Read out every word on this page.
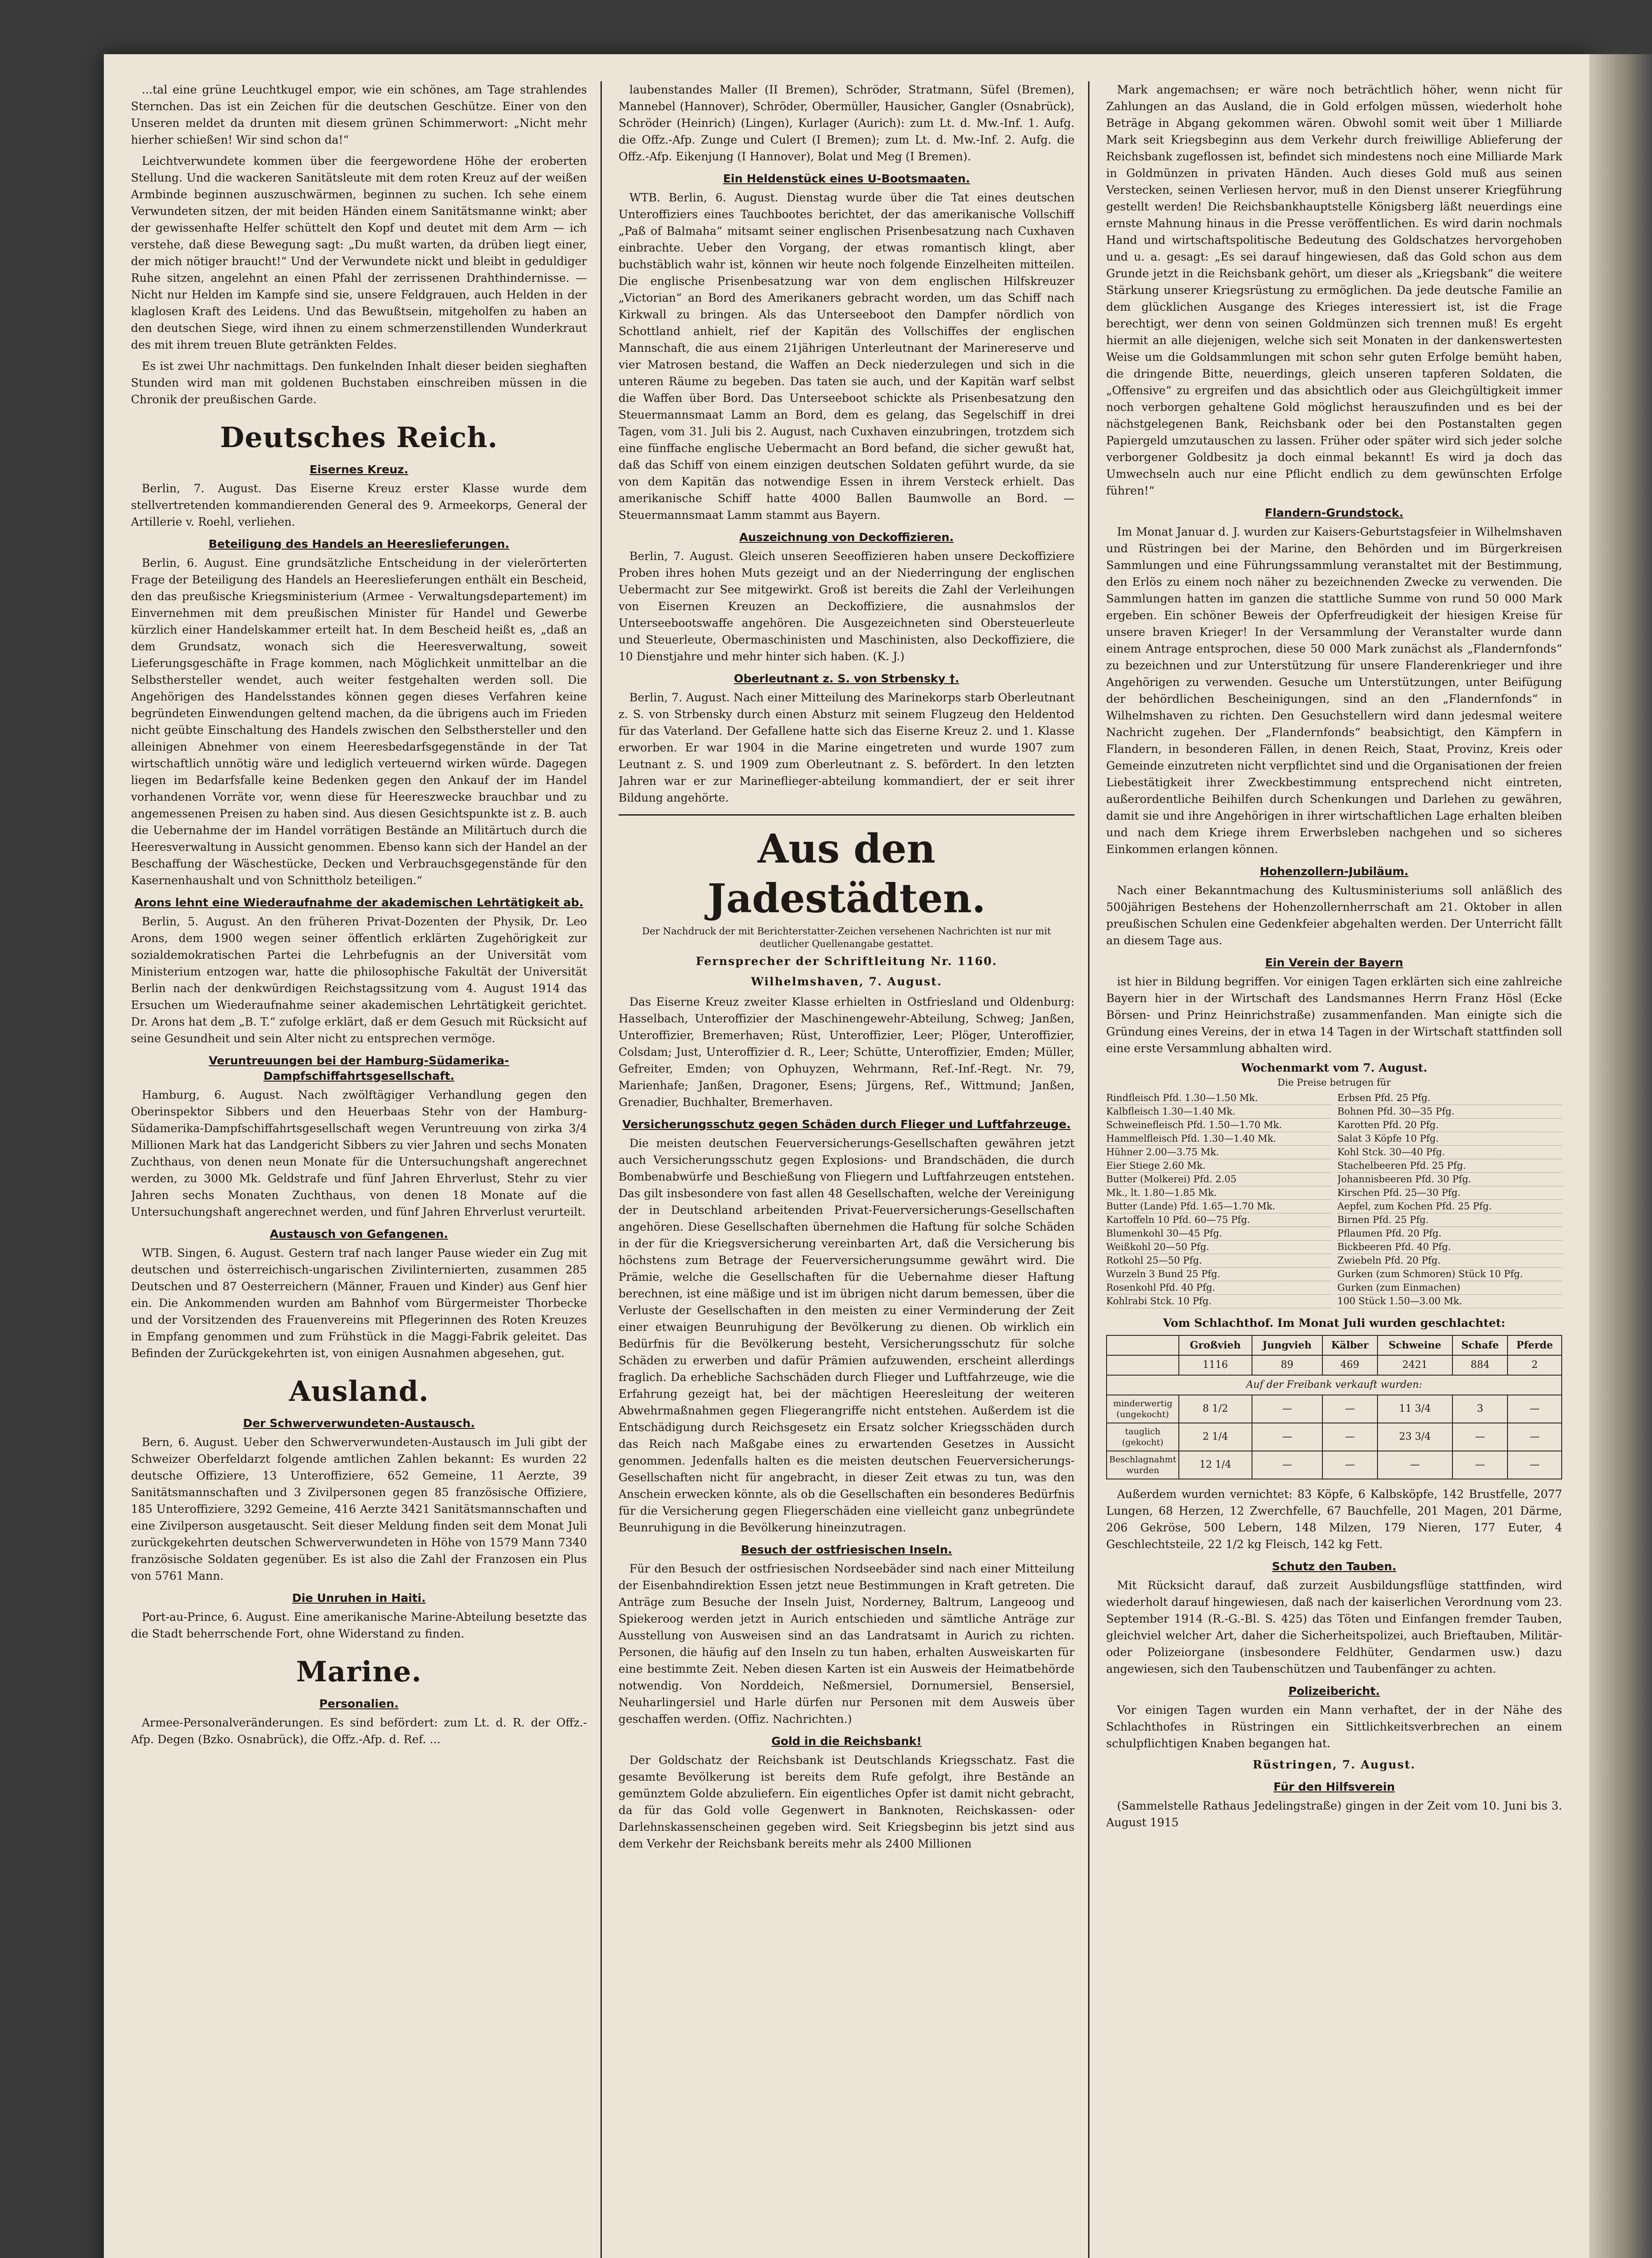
...tal eine grüne Leuchtkugel empor, wie ein schönes, am Tage strahlendes Sternchen. Das ist ein Zeichen für die deutschen Geschütze. Einer von den Unseren meldet da drunten mit diesem grünen Schimmerwort: „Nicht mehr hierher schießen! Wir sind schon da!“

Leichtverwundete kommen über die feergewordene Höhe der eroberten Stellung. Und die wackeren Sanitätsleute mit dem roten Kreuz auf der weißen Armbinde beginnen auszuschwärmen, beginnen zu suchen. Ich sehe einem Verwundeten sitzen, der mit beiden Händen einem Sanitätsmanne winkt; aber der gewissenhafte Helfer schüttelt den Kopf und deutet mit dem Arm — ich verstehe, daß diese Bewegung sagt: „Du mußt warten, da drüben liegt einer, der mich nötiger braucht!“ Und der Verwundete nickt und bleibt in geduldiger Ruhe sitzen, angelehnt an einen Pfahl der zerrissenen Drahthindernisse. — Nicht nur Helden im Kampfe sind sie, unsere Feldgrauen, auch Helden in der klaglosen Kraft des Leidens. Und das Bewußtsein, mitgeholfen zu haben an den deutschen Siege, wird ihnen zu einem schmerzenstillenden Wunderkraut des mit ihrem treuen Blute getränkten Feldes.

Es ist zwei Uhr nachmittags. Den funkelnden Inhalt dieser beiden sieghaften Stunden wird man mit goldenen Buchstaben einschreiben müssen in die Chronik der preußischen Garde.

Deutsches Reich.
Eisernes Kreuz.

Berlin, 7. August. Das Eiserne Kreuz erster Klasse wurde dem stellvertretenden kommandierenden General des 9. Armeekorps, General der Artillerie v. Roehl, verliehen.

Beteiligung des Handels an Heereslieferungen.

Berlin, 6. August. Eine grundsätzliche Entscheidung in der vielerörterten Frage der Beteiligung des Handels an Heereslieferungen enthält ein Bescheid, den das preußische Kriegsministerium (Armee - Verwaltungsdepartement) im Einvernehmen mit dem preußischen Minister für Handel und Gewerbe kürzlich einer Handelskammer erteilt hat. In dem Bescheid heißt es, „daß an dem Grundsatz, wonach sich die Heeresverwaltung, soweit Lieferungsgeschäfte in Frage kommen, nach Möglichkeit unmittelbar an die Selbsthersteller wendet, auch weiter festgehalten werden soll. Die Angehörigen des Handelsstandes können gegen dieses Verfahren keine begründeten Einwendungen geltend machen, da die übrigens auch im Frieden nicht geübte Einschaltung des Handels zwischen den Selbsthersteller und den alleinigen Abnehmer von einem Heeresbedarfsgegenstände in der Tat wirtschaftlich unnötig wäre und lediglich verteuernd wirken würde. Dagegen liegen im Bedarfsfalle keine Bedenken gegen den Ankauf der im Handel vorhandenen Vorräte vor, wenn diese für Heereszwecke brauchbar und zu angemessenen Preisen zu haben sind. Aus diesen Gesichtspunkte ist z. B. auch die Uebernahme der im Handel vorrätigen Bestände an Militärtuch durch die Heeresverwaltung in Aussicht genommen. Ebenso kann sich der Handel an der Beschaffung der Wäschestücke, Decken und Verbrauchsgegenstände für den Kasernenhaushalt und von Schnittholz beteiligen.“

Arons lehnt eine Wiederaufnahme der akademischen Lehrtätigkeit ab.

Berlin, 5. August. An den früheren Privat-Dozenten der Physik, Dr. Leo Arons, dem 1900 wegen seiner öffentlich erklärten Zugehörigkeit zur sozialdemokratischen Partei die Lehrbefugnis an der Universität vom Ministerium entzogen war, hatte die philosophische Fakultät der Universität Berlin nach der denkwürdigen Reichstagssitzung vom 4. August 1914 das Ersuchen um Wiederaufnahme seiner akademischen Lehrtätigkeit gerichtet. Dr. Arons hat dem „B. T.“ zufolge erklärt, daß er dem Gesuch mit Rücksicht auf seine Gesundheit und sein Alter nicht zu entsprechen vermöge.

Veruntreuungen bei der Hamburg-Südamerika-Dampfschiffahrtsgesellschaft.

Hamburg, 6. August. Nach zwölftägiger Verhandlung gegen den Oberinspektor Sibbers und den Heuerbaas Stehr von der Hamburg-Südamerika-Dampfschiffahrtsgesellschaft wegen Veruntreuung von zirka 3/4 Millionen Mark hat das Landgericht Sibbers zu vier Jahren und sechs Monaten Zuchthaus, von denen neun Monate für die Untersuchungshaft angerechnet werden, zu 3000 Mk. Geldstrafe und fünf Jahren Ehrverlust, Stehr zu vier Jahren sechs Monaten Zuchthaus, von denen 18 Monate auf die Untersuchungshaft angerechnet werden, und fünf Jahren Ehrverlust verurteilt.

Austausch von Gefangenen.

WTB. Singen, 6. August. Gestern traf nach langer Pause wieder ein Zug mit deutschen und österreichisch-ungarischen Zivilinternierten, zusammen 285 Deutschen und 87 Oesterreichern (Männer, Frauen und Kinder) aus Genf hier ein. Die Ankommenden wurden am Bahnhof vom Bürgermeister Thorbecke und der Vorsitzenden des Frauenvereins mit Pflegerinnen des Roten Kreuzes in Empfang genommen und zum Frühstück in die Maggi-Fabrik geleitet. Das Befinden der Zurückgekehrten ist, von einigen Ausnahmen abgesehen, gut.

Ausland.
Der Schwerverwundeten-Austausch.

Bern, 6. August. Ueber den Schwerverwundeten-Austausch im Juli gibt der Schweizer Oberfeldarzt folgende amtlichen Zahlen bekannt: Es wurden 22 deutsche Offiziere, 13 Unteroffiziere, 652 Gemeine, 11 Aerzte, 39 Sanitätsmannschaften und 3 Zivilpersonen gegen 85 französische Offiziere, 185 Unteroffiziere, 3292 Gemeine, 416 Aerzte 3421 Sanitätsmannschaften und eine Zivilperson ausgetauscht. Seit dieser Meldung finden seit dem Monat Juli zurückgekehrten deutschen Schwerverwundeten in Höhe von 1579 Mann 7340 französische Soldaten gegenüber. Es ist also die Zahl der Franzosen ein Plus von 5761 Mann.

Die Unruhen in Haiti.

Port-au-Prince, 6. August. Eine amerikanische Marine-Abteilung besetzte das die Stadt beherrschende Fort, ohne Widerstand zu finden.

Marine.
Personalien.

Armee-Personalveränderungen. Es sind befördert: zum Lt. d. R. der Offz.-Afp. Degen (Bzko. Osnabrück), die Offz.-Afp. d. Ref. ...

laubenstandes Maller (II Bremen), Schröder, Stratmann, Süfel (Bremen), Mannebel (Hannover), Schröder, Obermüller, Hausicher, Gangler (Osnabrück), Schröder (Heinrich) (Lingen), Kurlager (Aurich): zum Lt. d. Mw.-Inf. 1. Aufg. die Offz.-Afp. Zunge und Culert (I Bremen); zum Lt. d. Mw.-Inf. 2. Aufg. die Offz.-Afp. Eikenjung (I Hannover), Bolat und Meg (I Bremen).

Ein Heldenstück eines U-Bootsmaaten.

WTB. Berlin, 6. August. Dienstag wurde über die Tat eines deutschen Unteroffiziers eines Tauchbootes berichtet, der das amerikanische Vollschiff „Paß of Balmaha“ mitsamt seiner englischen Prisenbesatzung nach Cuxhaven einbrachte. Ueber den Vorgang, der etwas romantisch klingt, aber buchstäblich wahr ist, können wir heute noch folgende Einzelheiten mitteilen. Die englische Prisenbesatzung war von dem englischen Hilfskreuzer „Victorian“ an Bord des Amerikaners gebracht worden, um das Schiff nach Kirkwall zu bringen. Als das Unterseeboot den Dampfer nördlich von Schottland anhielt, rief der Kapitän des Vollschiffes der englischen Mannschaft, die aus einem 21jährigen Unterleutnant der Marinereserve und vier Matrosen bestand, die Waffen an Deck niederzulegen und sich in die unteren Räume zu begeben. Das taten sie auch, und der Kapitän warf selbst die Waffen über Bord. Das Unterseeboot schickte als Prisenbesatzung den Steuermannsmaat Lamm an Bord, dem es gelang, das Segelschiff in drei Tagen, vom 31. Juli bis 2. August, nach Cuxhaven einzubringen, trotzdem sich eine fünffache englische Uebermacht an Bord befand, die sicher gewußt hat, daß das Schiff von einem einzigen deutschen Soldaten geführt wurde, da sie von dem Kapitän das notwendige Essen in ihrem Versteck erhielt. Das amerikanische Schiff hatte 4000 Ballen Baumwolle an Bord. — Steuermannsmaat Lamm stammt aus Bayern.

Auszeichnung von Deckoffizieren.

Berlin, 7. August. Gleich unseren Seeoffizieren haben unsere Deckoffiziere Proben ihres hohen Muts gezeigt und an der Niederringung der englischen Uebermacht zur See mitgewirkt. Groß ist bereits die Zahl der Verleihungen von Eisernen Kreuzen an Deckoffiziere, die ausnahmslos der Unterseebootswaffe angehören. Die Ausgezeichneten sind Obersteuerleute und Steuerleute, Obermaschinisten und Maschinisten, also Deckoffiziere, die 10 Dienstjahre und mehr hinter sich haben. (K. J.)

Oberleutnant z. S. von Strbensky †.

Berlin, 7. August. Nach einer Mitteilung des Marinekorps starb Oberleutnant z. S. von Strbensky durch einen Absturz mit seinem Flugzeug den Heldentod für das Vaterland. Der Gefallene hatte sich das Eiserne Kreuz 2. und 1. Klasse erworben. Er war 1904 in die Marine eingetreten und wurde 1907 zum Leutnant z. S. und 1909 zum Oberleutnant z. S. befördert. In den letzten Jahren war er zur Marineflieger-abteilung kommandiert, der er seit ihrer Bildung angehörte.

Aus den Jadestädten.
Der Nachdruck der mit Berichterstatter-Zeichen versehenen Nachrichten ist nur mit deutlicher Quellenangabe gestattet.
Fernsprecher der Schriftleitung Nr. 1160.
Wilhelmshaven, 7. August.

Das Eiserne Kreuz zweiter Klasse erhielten in Ostfriesland und Oldenburg: Hasselbach, Unteroffizier der Maschinengewehr-Abteilung, Schweg; Janßen, Unteroffizier, Bremerhaven; Rüst, Unteroffizier, Leer; Plöger, Unteroffizier, Colsdam; Just, Unteroffizier d. R., Leer; Schütte, Unteroffizier, Emden; Müller, Gefreiter, Emden; von Ophuyzen, Wehrmann, Ref.-Inf.-Regt. Nr. 79, Marienhafe; Janßen, Dragoner, Esens; Jürgens, Ref., Wittmund; Janßen, Grenadier, Buchhalter, Bremerhaven.

Versicherungsschutz gegen Schäden durch Flieger und Luftfahrzeuge.

Die meisten deutschen Feuerversicherungs-Gesellschaften gewähren jetzt auch Versicherungsschutz gegen Explosions- und Brandschäden, die durch Bombenabwürfe und Beschießung von Fliegern und Luftfahrzeugen entstehen. Das gilt insbesondere von fast allen 48 Gesellschaften, welche der Vereinigung der in Deutschland arbeitenden Privat-Feuerversicherungs-Gesellschaften angehören. Diese Gesellschaften übernehmen die Haftung für solche Schäden in der für die Kriegsversicherung vereinbarten Art, daß die Versicherung bis höchstens zum Betrage der Feuerversicherungsumme gewährt wird. Die Prämie, welche die Gesellschaften für die Uebernahme dieser Haftung berechnen, ist eine mäßige und ist im übrigen nicht darum bemessen, über die Verluste der Gesellschaften in den meisten zu einer Verminderung der Zeit einer etwaigen Beunruhigung der Bevölkerung zu dienen. Ob wirklich ein Bedürfnis für die Bevölkerung besteht, Versicherungsschutz für solche Schäden zu erwerben und dafür Prämien aufzuwenden, erscheint allerdings fraglich. Da erhebliche Sachschäden durch Flieger und Luftfahrzeuge, wie die Erfahrung gezeigt hat, bei der mächtigen Heeresleitung der weiteren Abwehrmaßnahmen gegen Fliegerangriffe nicht entstehen. Außerdem ist die Entschädigung durch Reichsgesetz ein Ersatz solcher Kriegsschäden durch das Reich nach Maßgabe eines zu erwartenden Gesetzes in Aussicht genommen. Jedenfalls halten es die meisten deutschen Feuerversicherungs-Gesellschaften nicht für angebracht, in dieser Zeit etwas zu tun, was den Anschein erwecken könnte, als ob die Gesellschaften ein besonderes Bedürfnis für die Versicherung gegen Fliegerschäden eine vielleicht ganz unbegründete Beunruhigung in die Bevölkerung hineinzutragen.

Besuch der ostfriesischen Inseln.

Für den Besuch der ostfriesischen Nordseebäder sind nach einer Mitteilung der Eisenbahndirektion Essen jetzt neue Bestimmungen in Kraft getreten. Die Anträge zum Besuche der Inseln Juist, Norderney, Baltrum, Langeoog und Spiekeroog werden jetzt in Aurich entschieden und sämtliche Anträge zur Ausstellung von Ausweisen sind an das Landratsamt in Aurich zu richten. Personen, die häufig auf den Inseln zu tun haben, erhalten Ausweiskarten für eine bestimmte Zeit. Neben diesen Karten ist ein Ausweis der Heimatbehörde notwendig. Von Norddeich, Neßmersiel, Dornumersiel, Bensersiel, Neuharlingersiel und Harle dürfen nur Personen mit dem Ausweis über geschaffen werden. (Offiz. Nachrichten.)

Gold in die Reichsbank!

Der Goldschatz der Reichsbank ist Deutschlands Kriegsschatz. Fast die gesamte Bevölkerung ist bereits dem Rufe gefolgt, ihre Bestände an gemünztem Golde abzuliefern. Ein eigentliches Opfer ist damit nicht gebracht, da für das Gold volle Gegenwert in Banknoten, Reichskassen- oder Darlehnskassenscheinen gegeben wird. Seit Kriegsbeginn bis jetzt sind aus dem Verkehr der Reichsbank bereits mehr als 2400 Millionen

Mark angemachsen; er wäre noch beträchtlich höher, wenn nicht für Zahlungen an das Ausland, die in Gold erfolgen müssen, wiederholt hohe Beträge in Abgang gekommen wären. Obwohl somit weit über 1 Milliarde Mark seit Kriegsbeginn aus dem Verkehr durch freiwillige Ablieferung der Reichsbank zugeflossen ist, befindet sich mindestens noch eine Milliarde Mark in Goldmünzen in privaten Händen. Auch dieses Gold muß aus seinen Verstecken, seinen Verliesen hervor, muß in den Dienst unserer Kriegführung gestellt werden! Die Reichsbankhauptstelle Königsberg läßt neuerdings eine ernste Mahnung hinaus in die Presse veröffentlichen. Es wird darin nochmals Hand und wirtschaftspolitische Bedeutung des Goldschatzes hervorgehoben und u. a. gesagt: „Es sei darauf hingewiesen, daß das Gold schon aus dem Grunde jetzt in die Reichsbank gehört, um dieser als „Kriegsbank“ die weitere Stärkung unserer Kriegsrüstung zu ermöglichen. Da jede deutsche Familie an dem glücklichen Ausgange des Krieges interessiert ist, ist die Frage berechtigt, wer denn von seinen Goldmünzen sich trennen muß! Es ergeht hiermit an alle diejenigen, welche sich seit Monaten in der dankenswertesten Weise um die Goldsammlungen mit schon sehr guten Erfolge bemüht haben, die dringende Bitte, neuerdings, gleich unseren tapferen Soldaten, die „Offensive“ zu ergreifen und das absichtlich oder aus Gleichgültigkeit immer noch verborgen gehaltene Gold möglichst herauszufinden und es bei der nächstgelegenen Bank, Reichsbank oder bei den Postanstalten gegen Papiergeld umzutauschen zu lassen. Früher oder später wird sich jeder solche verborgener Goldbesitz ja doch einmal bekannt! Es wird ja doch das Umwechseln auch nur eine Pflicht endlich zu dem gewünschten Erfolge führen!“

Flandern-Grundstock.

Im Monat Januar d. J. wurden zur Kaisers-Geburtstagsfeier in Wilhelmshaven und Rüstringen bei der Marine, den Behörden und im Bürgerkreisen Sammlungen und eine Führungssammlung veranstaltet mit der Bestimmung, den Erlös zu einem noch näher zu bezeichnenden Zwecke zu verwenden. Die Sammlungen hatten im ganzen die stattliche Summe von rund 50 000 Mark ergeben. Ein schöner Beweis der Opferfreudigkeit der hiesigen Kreise für unsere braven Krieger! In der Versammlung der Veranstalter wurde dann einem Antrage entsprochen, diese 50 000 Mark zunächst als „Flandernfonds“ zu bezeichnen und zur Unterstützung für unsere Flanderenkrieger und ihre Angehörigen zu verwenden. Gesuche um Unterstützungen, unter Beifügung der behördlichen Bescheinigungen, sind an den „Flandernfonds“ in Wilhelmshaven zu richten. Den Gesuchstellern wird dann jedesmal weitere Nachricht zugehen. Der „Flandernfonds“ beabsichtigt, den Kämpfern in Flandern, in besonderen Fällen, in denen Reich, Staat, Provinz, Kreis oder Gemeinde einzutreten nicht verpflichtet sind und die Organisationen der freien Liebestätigkeit ihrer Zweckbestimmung entsprechend nicht eintreten, außerordentliche Beihilfen durch Schenkungen und Darlehen zu gewähren, damit sie und ihre Angehörigen in ihrer wirtschaftlichen Lage erhalten bleiben und nach dem Kriege ihrem Erwerbsleben nachgehen und so sicheres Einkommen erlangen können.

Hohenzollern-Jubiläum.

Nach einer Bekanntmachung des Kultusministeriums soll anläßlich des 500jährigen Bestehens der Hohenzollernherrschaft am 21. Oktober in allen preußischen Schulen eine Gedenkfeier abgehalten werden. Der Unterricht fällt an diesem Tage aus.

Ein Verein der Bayern

ist hier in Bildung begriffen. Vor einigen Tagen erklärten sich eine zahlreiche Bayern hier in der Wirtschaft des Landsmannes Herrn Franz Hösl (Ecke Börsen- und Prinz Heinrichstraße) zusammenfanden. Man einigte sich die Gründung eines Vereins, der in etwa 14 Tagen in der Wirtschaft stattfinden soll eine erste Versammlung abhalten wird.

Wochenmarkt vom 7. August.
Die Preise betrugen für
Rindfleisch Pfd. 1.30—1.50 Mk.	Erbsen Pfd. 25 Pfg.
Kalbfleisch 1.30—1.40 Mk.	Bohnen Pfd. 30—35 Pfg.
Schweinefleisch Pfd. 1.50—1.70 Mk.	Karotten Pfd. 20 Pfg.
Hammelfleisch Pfd. 1.30—1.40 Mk.	Salat 3 Köpfe 10 Pfg.
Hühner 2.00—3.75 Mk.	Kohl Stck. 30—40 Pfg.
Eier Stiege 2.60 Mk.	Stachelbeeren Pfd. 25 Pfg.
Butter (Molkerei) Pfd. 2.05	Johannisbeeren Pfd. 30 Pfg.
Mk., lt. 1.80—1.85 Mk.	Kirschen Pfd. 25—30 Pfg.
Butter (Lande) Pfd. 1.65—1.70 Mk.	Aepfel, zum Kochen Pfd. 25 Pfg.
Kartoffeln 10 Pfd. 60—75 Pfg.	Birnen Pfd. 25 Pfg.
Blumenkohl 30—45 Pfg.	Pflaumen Pfd. 20 Pfg.
Weißkohl 20—50 Pfg.	Bickbeeren Pfd. 40 Pfg.
Rotkohl 25—50 Pfg.	Zwiebeln Pfd. 20 Pfg.
Wurzeln 3 Bund 25 Pfg.	Gurken (zum Schmoren) Stück 10 Pfg.
Rosenkohl Pfd. 40 Pfg.	Gurken (zum Einmachen)
Kohlrabi Stck. 10 Pfg.	100 Stück 1.50—3.00 Mk.
Vom Schlachthof. Im Monat Juli wurden geschlachtet:
	Großvieh	Jungvieh	Kälber	Schweine	Schafe	Pferde
	1116	89	469	2421	884	2
Auf der Freibank verkauft wurden:						
minderwertig (ungekocht)	8 1/2	—	—	11 3/4	3	—
tauglich (gekocht)	2 1/4	—	—	23 3/4	—	—
Beschlagnahmt wurden	12 1/4	—	—	—	—	—

Außerdem wurden vernichtet: 83 Köpfe, 6 Kalbsköpfe, 142 Brustfelle, 2077 Lungen, 68 Herzen, 12 Zwerchfelle, 67 Bauchfelle, 201 Magen, 201 Därme, 206 Gekröse, 500 Lebern, 148 Milzen, 179 Nieren, 177 Euter, 4 Geschlechtsteile, 22 1/2 kg Fleisch, 142 kg Fett.

Schutz den Tauben.

Mit Rücksicht darauf, daß zurzeit Ausbildungsflüge stattfinden, wird wiederholt darauf hingewiesen, daß nach der kaiserlichen Verordnung vom 23. September 1914 (R.-G.-Bl. S. 425) das Töten und Einfangen fremder Tauben, gleichviel welcher Art, daher die Sicherheitspolizei, auch Brieftauben, Militär- oder Polizeiorgane (insbesondere Feldhüter, Gendarmen usw.) dazu angewiesen, sich den Taubenschützen und Taubenfänger zu achten.

Polizeibericht.

Vor einigen Tagen wurden ein Mann verhaftet, der in der Nähe des Schlachthofes in Rüstringen ein Sittlichkeitsverbrechen an einem schulpflichtigen Knaben begangen hat.

Rüstringen, 7. August.
Für den Hilfsverein

(Sammelstelle Rathaus Jedelingstraße) gingen in der Zeit vom 10. Juni bis 3. August 1915
